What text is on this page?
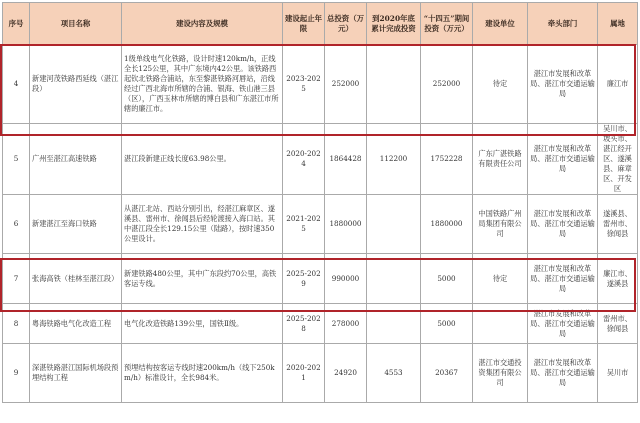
序号	项目名称	建设内容及规模	建设起止年限	总投资（万元）	到2020年底累计完成投资	“十四五”期间投资（万元）	建设单位	牵头部门	属地
4	新建河茂铁路西延线（湛江段）	1级单线电气化铁路，设计时速120km/h，正线全长125公里，其中广东境内42公里。该铁路西起钦北铁路合浦站，东至黎湛铁路河唇站，沿线经过广西北海市所辖的合浦、银海、铁山港三县（区），广西玉林市所辖的博白县和广东湛江市所辖的廉江市。	2023-2025	252000		252000	待定	湛江市发展和改革局、湛江市交通运输局	廉江市
5	广州至湛江高速铁路	湛江段新建正线长度63.98公里。	2020-2024	1864428	112200	1752228	广东广湛铁路有限责任公司	湛江市发展和改革局、湛江市交通运输局	吴川市、坡头市、湛江经开区、遂溪县、麻章区、开发区
6	新建湛江至海口铁路	从湛江北站、西站分别引出，经湛江麻章区、遂溪县、雷州市、徐闻县后经轮渡接入海口站。其中湛江段全长129.15公里（陆路），按时速350公里设计。	2021-2025	1880000		1880000	中国铁路广州局集团有限公司	湛江市发展和改革局、湛江市交通运输局	遂溪县、雷州市、徐闻县
7	张海高铁（桂林至湛江段）	新建铁路480公里，其中广东段约70公里，高铁客运专线。	2025-2029	990000		5000	待定	湛江市发展和改革局、湛江市交通运输局	廉江市、遂溪县
8	粤海铁路电气化改造工程	电气化改造铁路139公里，国铁Ⅱ级。	2025-2028	278000		5000		湛江市发展和改革局、湛江市交通运输局	雷州市、徐闻县
9	深湛铁路湛江国际机场段预埋结构工程	预埋结构按客运专线时速200km/h（线下250km/h）标准设计，全长984米。	2020-2021	24920	4553	20367	湛江市交通投资集团有限公司	湛江市发展和改革局、湛江市交通运输局	吴川市
